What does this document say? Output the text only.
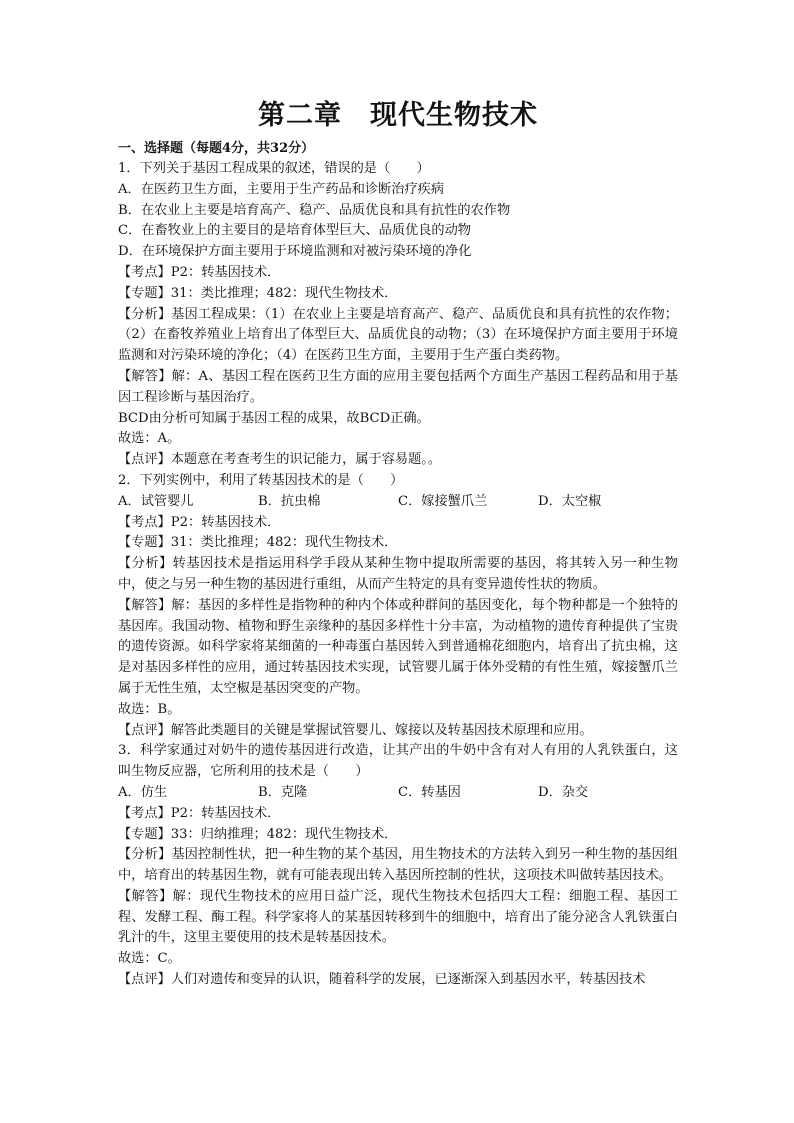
第二章　现代生物技术
一、选择题（每题4分，共32分）
1．下列关于基因工程成果的叙述，错误的是（　　）
A．在医药卫生方面，主要用于生产药品和诊断治疗疾病
B．在农业上主要是培育高产、稳产、品质优良和具有抗性的农作物
C．在畜牧业上的主要目的是培育体型巨大、品质优良的动物
D．在环境保护方面主要用于环境监测和对被污染环境的净化
【考点】P2：转基因技术．
【专题】31：类比推理；482：现代生物技术．
【分析】基因工程成果：（1）在农业上主要是培育高产、稳产、品质优良和具有抗性的农作物；（2）在畜牧养殖业上培育出了体型巨大、品质优良的动物；（3）在环境保护方面主要用于环境监测和对污染环境的净化；（4）在医药卫生方面，主要用于生产蛋白类药物。
【解答】解：A、基因工程在医药卫生方面的应用主要包括两个方面生产基因工程药品和用于基因工程诊断与基因治疗。
BCD由分析可知属于基因工程的成果，故BCD正确。
故选：A。
【点评】本题意在考查考生的识记能力，属于容易题。。
2．下列实例中，利用了转基因技术的是（　　）
A．试管婴儿	B．抗虫棉	C．嫁接蟹爪兰	D．太空椒
【考点】P2：转基因技术．
【专题】31：类比推理；482：现代生物技术．
【分析】转基因技术是指运用科学手段从某种生物中提取所需要的基因，将其转入另一种生物中，使之与另一种生物的基因进行重组，从而产生特定的具有变异遗传性状的物质。
【解答】解：基因的多样性是指物种的种内个体或种群间的基因变化，每个物种都是一个独特的基因库。我国动物、植物和野生亲缘种的基因多样性十分丰富，为动植物的遗传育种提供了宝贵的遗传资源。如科学家将某细菌的一种毒蛋白基因转入到普通棉花细胞内，培育出了抗虫棉，这是对基因多样性的应用，通过转基因技术实现，试管婴儿属于体外受精的有性生殖，嫁接蟹爪兰属于无性生殖，太空椒是基因突变的产物。
故选：B。
【点评】解答此类题目的关键是掌握试管婴儿、嫁接以及转基因技术原理和应用。
3．科学家通过对奶牛的遗传基因进行改造，让其产出的牛奶中含有对人有用的人乳铁蛋白，这叫生物反应器，它所利用的技术是（　　）
A．仿生	B．克隆	C．转基因	D．杂交
【考点】P2：转基因技术．
【专题】33：归纳推理；482：现代生物技术．
【分析】基因控制性状，把一种生物的某个基因，用生物技术的方法转入到另一种生物的基因组中，培育出的转基因生物，就有可能表现出转入基因所控制的性状，这项技术叫做转基因技术。
【解答】解：现代生物技术的应用日益广泛，现代生物技术包括四大工程：细胞工程、基因工程、发酵工程、酶工程。科学家将人的某基因转移到牛的细胞中，培育出了能分泌含人乳铁蛋白乳汁的牛，这里主要使用的技术是转基因技术。
故选：C。
【点评】人们对遗传和变异的认识，随着科学的发展，已逐渐深入到基因水平，转基因技术
